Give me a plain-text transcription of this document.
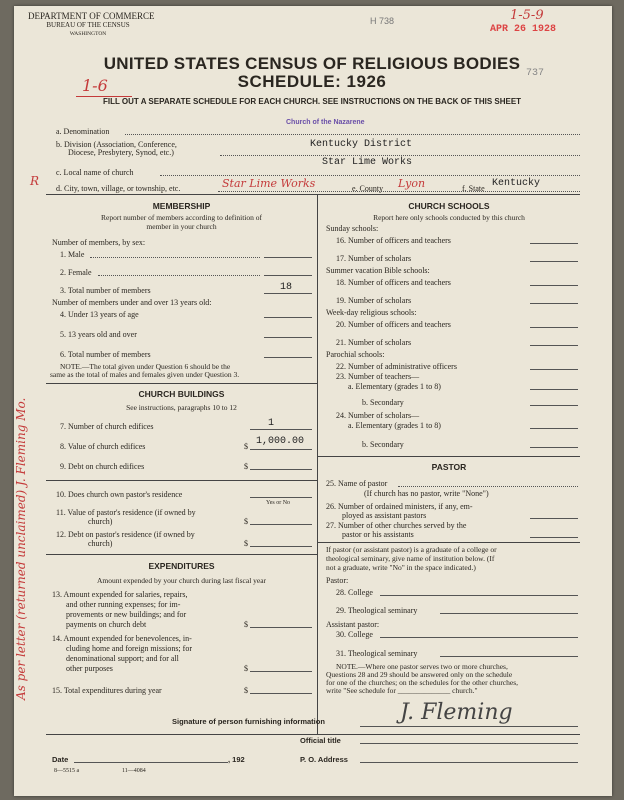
DEPARTMENT OF COMMERCE
BUREAU OF THE CENSUS
WASHINGTON
H 738	1-5-9
APR 26 1928
737
1-6
UNITED STATES CENSUS OF RELIGIOUS BODIES
SCHEDULE: 1926
FILL OUT A SEPARATE SCHEDULE FOR EACH CHURCH. SEE INSTRUCTIONS ON THE BACK OF THIS SHEET
a. Denomination
Church of the Nazarene
b. Division (Association, Conference,
Diocese, Presbytery, Synod, etc.)
Kentucky District
Star Lime Works
c. Local name of church
R
d. City, town, village, or township, etc.	Star Lime Works	e. County Lyon	f. State Kentucky
As per letter (returned unclaimed) J. Fleming Mo.
MEMBERSHIP
Report number of members according to definition of
member in your church
Number of members, by sex:
1. Male
2. Female
3. Total number of members	18
Number of members under and over 13 years old:
4. Under 13 years of age
5. 13 years old and over
6. Total number of members
NOTE.—The total given under Question 6 should be the
same as the total of males and females given under Question 3.
CHURCH BUILDINGS
See instructions, paragraphs 10 to 12
7. Number of church edifices	1
8. Value of church edifices	$ 1,000.00
9. Debt on church edifices	$
10. Does church own pastor's residence
Yes or No
11. Value of pastor's residence (if owned by
church)	$
12. Debt on pastor's residence (if owned by
church)	$
EXPENDITURES
Amount expended by your church during last fiscal year
13. Amount expended for salaries, repairs,
and other running expenses; for im-
provements or new buildings; and for
payments on church debt	$
14. Amount expended for benevolences, in-
cluding home and foreign missions; for
denominational support; and for all
other purposes	$
15. Total expenditures during year	$
CHURCH SCHOOLS
Report here only schools conducted by this church
Sunday schools:
16. Number of officers and teachers
17. Number of scholars
Summer vacation Bible schools:
18. Number of officers and teachers
19. Number of scholars
Week-day religious schools:
20. Number of officers and teachers
21. Number of scholars
Parochial schools:
22. Number of administrative officers
23. Number of teachers—
a. Elementary (grades 1 to 8)
b. Secondary
24. Number of scholars—
a. Elementary (grades 1 to 8)
b. Secondary
PASTOR
25. Name of pastor
(If church has no pastor, write "None")
26. Number of ordained ministers, if any, em-
ployed as assistant pastors
27. Number of other churches served by the
pastor or his assistants
If pastor (or assistant pastor) is a graduate of a college or
theological seminary, give name of institution below. (If
not a graduate, write "No" in the space indicated.)
Pastor:
28. College
29. Theological seminary
Assistant pastor:
30. College
31. Theological seminary
NOTE.—Where one pastor serves two or more churches,
Questions 28 and 29 should be answered only on the schedule
for one of the churches; on the schedules for the other churches,
write "See schedule for ______________ church."
Signature of person furnishing information	J. Fleming
Official title
Date	, 192	P. O. Address
8—5515 a	11—4084
